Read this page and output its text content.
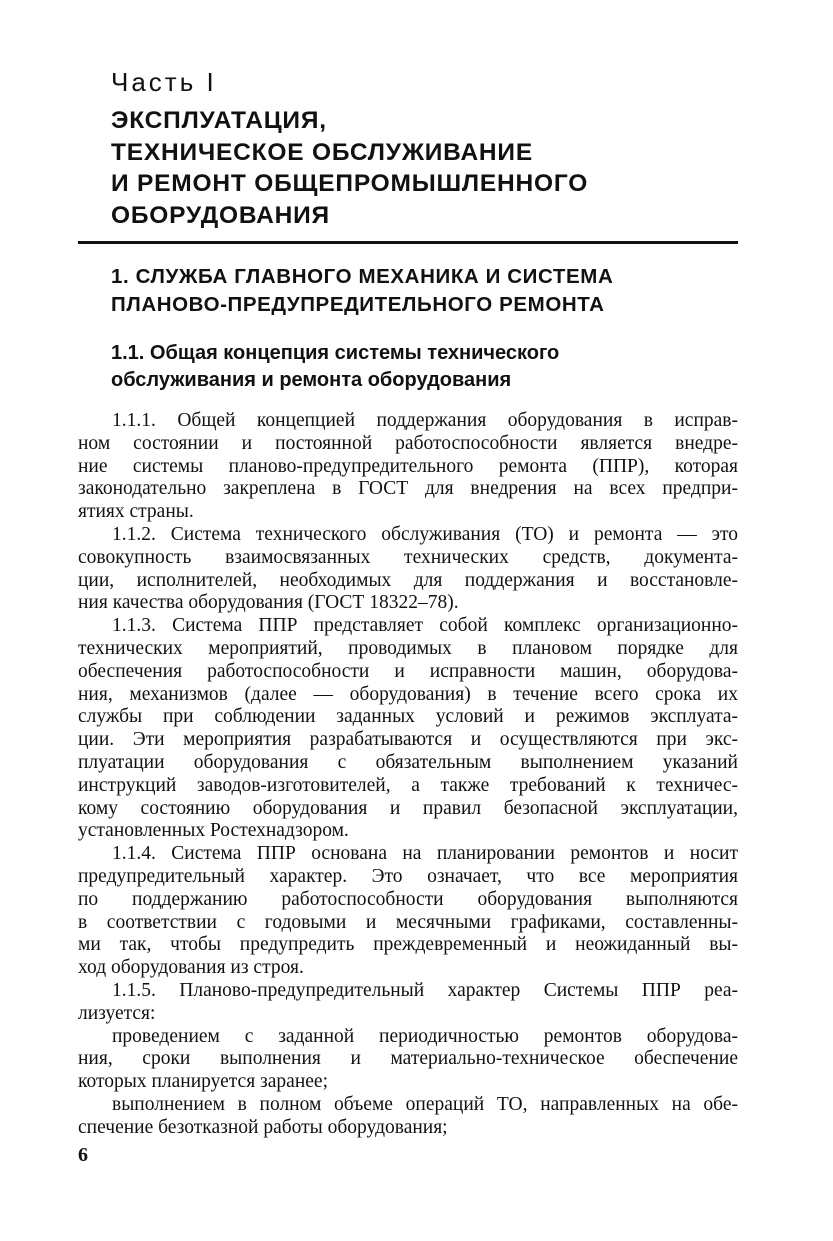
Часть I
ЭКСПЛУАТАЦИЯ,
ТЕХНИЧЕСКОЕ ОБСЛУЖИВАНИЕ
И РЕМОНТ ОБЩЕПРОМЫШЛЕННОГО
ОБОРУДОВАНИЯ
1. СЛУЖБА ГЛАВНОГО МЕХАНИКА И СИСТЕМА
ПЛАНОВО-ПРЕДУПРЕДИТЕЛЬНОГО РЕМОНТА
1.1. Общая концепция системы технического
обслуживания и ремонта оборудования
1.1.1. Общей концепцией поддержания оборудования в исправ-
ном состоянии и постоянной работоспособности является внедре-
ние системы планово-предупредительного ремонта (ППР), которая
законодательно закреплена в ГОСТ для внедрения на всех предпри-
ятиях страны.
1.1.2. Система технического обслуживания (ТО) и ремонта — это
совокупность взаимосвязанных технических средств, документа-
ции, исполнителей, необходимых для поддержания и восстановле-
ния качества оборудования (ГОСТ 18322–78).
1.1.3. Система ППР представляет собой комплекс организационно-
технических мероприятий, проводимых в плановом порядке для
обеспечения работоспособности и исправности машин, оборудова-
ния, механизмов (далее — оборудования) в течение всего срока их
службы при соблюдении заданных условий и режимов эксплуата-
ции. Эти мероприятия разрабатываются и осуществляются при экс-
плуатации оборудования с обязательным выполнением указаний
инструкций заводов-изготовителей, а также требований к техничес-
кому состоянию оборудования и правил безопасной эксплуатации,
установленных Ростехнадзором.
1.1.4. Система ППР основана на планировании ремонтов и носит
предупредительный характер. Это означает, что все мероприятия
по поддержанию работоспособности оборудования выполняются
в соответствии с годовыми и месячными графиками, составленны-
ми так, чтобы предупредить преждевременный и неожиданный вы-
ход оборудования из строя.
1.1.5. Планово-предупредительный характер Системы ППР реа-
лизуется:
проведением с заданной периодичностью ремонтов оборудова-
ния, сроки выполнения и материально-техническое обеспечение
которых планируется заранее;
выполнением в полном объеме операций ТО, направленных на обе-
спечение безотказной работы оборудования;
6
